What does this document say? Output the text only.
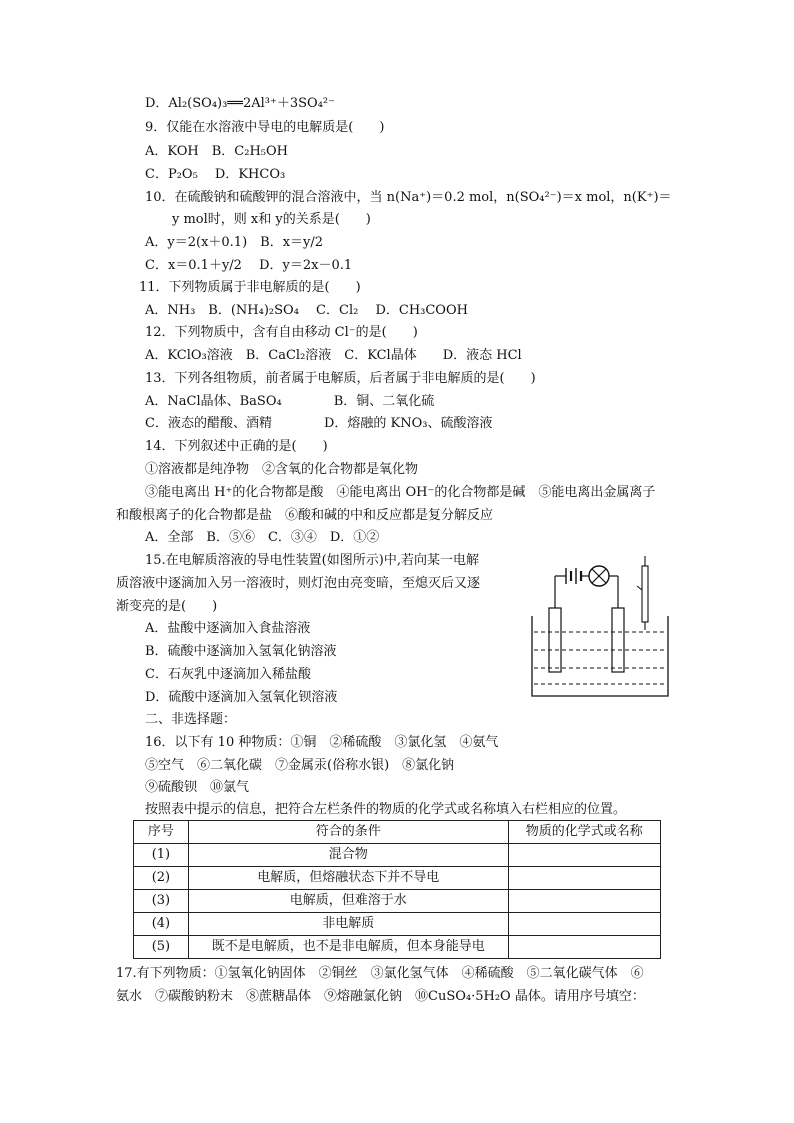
D．Al₂(SO₄)₃══2Al³⁺＋3SO₄²⁻
9．仅能在水溶液中导电的电解质是(　　)
A．KOH　B．C₂H₅OH
C．P₂O₅　 D．KHCO₃
10．在硫酸钠和硫酸钾的混合溶液中，当 n(Na⁺)＝0.2 mol，n(SO₄²⁻)＝x mol，n(K⁺)＝
y mol时，则 x和 y的关系是(　　)
A．y＝2(x＋0.1)　B．x＝y/2
C．x＝0.1＋y/2　 D．y＝2x－0.1
11．下列物质属于非电解质的是(　　)
A．NH₃　B．(NH₄)₂SO₄　 C．Cl₂　 D．CH₃COOH
12．下列物质中，含有自由移动 Cl⁻的是(　　)
A．KClO₃溶液　B．CaCl₂溶液　C．KCl晶体　　D．液态 HCl
13．下列各组物质，前者属于电解质，后者属于非电解质的是(　　)
A．NaCl晶体、BaSO₄　　　　B．铜、二氧化硫
C．液态的醋酸、酒精　　　　D．熔融的 KNO₃、硫酸溶液
14．下列叙述中正确的是(　　)
①溶液都是纯净物　②含氧的化合物都是氧化物
③能电离出 H⁺的化合物都是酸　④能电离出 OH⁻的化合物都是碱　⑤能电离出金属离子
和酸根离子的化合物都是盐　⑥酸和碱的中和反应都是复分解反应
A．全部　B．⑤⑥　C．③④　D．①②
15.在电解质溶液的导电性装置(如图所示)中,若向某一电解
质溶液中逐滴加入另一溶液时，则灯泡由亮变暗，至熄灭后又逐
渐变亮的是(　　)
A．盐酸中逐滴加入食盐溶液
B．硫酸中逐滴加入氢氧化钠溶液
C．石灰乳中逐滴加入稀盐酸
D．硫酸中逐滴加入氢氧化钡溶液
二、非选择题：
16．以下有 10 种物质：①铜　②稀硫酸　③氯化氢　④氨气
⑤空气　⑥二氧化碳　⑦金属汞(俗称水银)　⑧氯化钠
⑨硫酸钡　⑩氯气
按照表中提示的信息，把符合左栏条件的物质的化学式或名称填入右栏相应的位置。
序号	符合的条件	物质的化学式或名称
(1)	混合物	
(2)	电解质，但熔融状态下并不导电	
(3)	电解质，但难溶于水	
(4)	非电解质	
(5)	既不是电解质，也不是非电解质，但本身能导电	
17.有下列物质：①氢氧化钠固体　②铜丝　③氯化氢气体　④稀硫酸　⑤二氧化碳气体　⑥
氨水　⑦碳酸钠粉末　⑧蔗糖晶体　⑨熔融氯化钠　⑩CuSO₄·5H₂O 晶体。请用序号填空：
